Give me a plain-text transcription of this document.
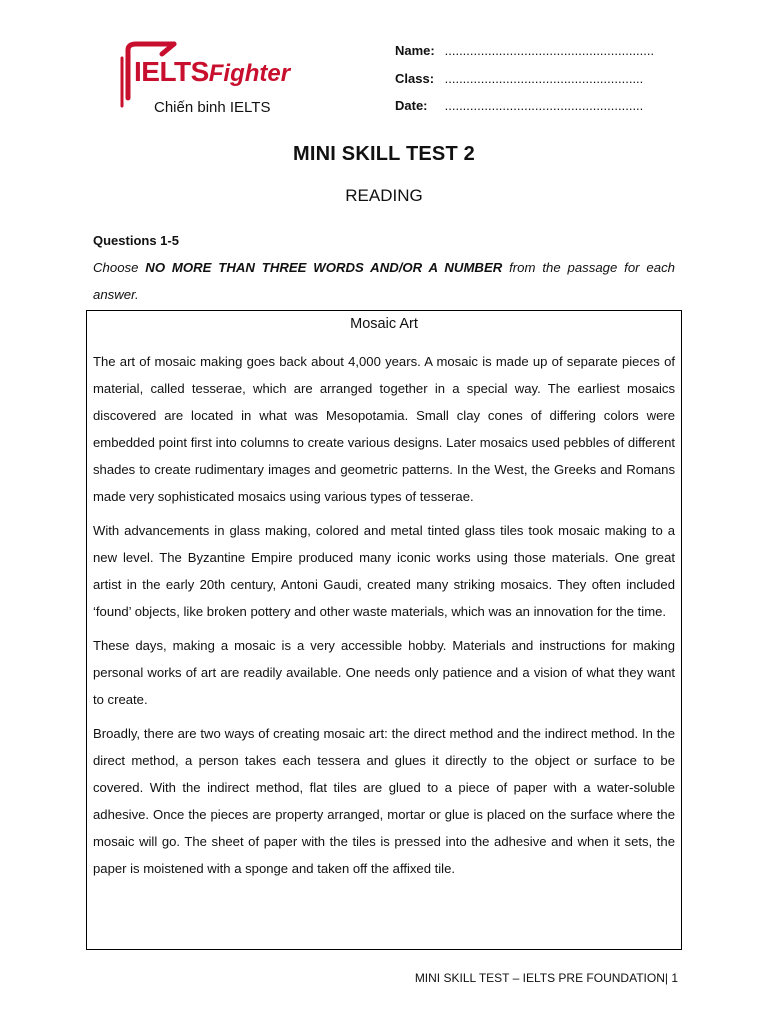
IELTSFighter
Chiến binh IELTS
Name: ..........................................................
Class: .......................................................
Date: .......................................................
MINI SKILL TEST 2
READING
Questions 1-5
Choose NO MORE THAN THREE WORDS AND/OR A NUMBER from the passage for each answer.
Mosaic Art

The art of mosaic making goes back about 4,000 years. A mosaic is made up of separate pieces of material, called tesserae, which are arranged together in a special way. The earliest mosaics discovered are located in what was Mesopotamia. Small clay cones of differing colors were embedded point first into columns to create various designs. Later mosaics used pebbles of different shades to create rudimentary images and geometric patterns. In the West, the Greeks and Romans made very sophisticated mosaics using various types of tesserae.

With advancements in glass making, colored and metal tinted glass tiles took mosaic making to a new level. The Byzantine Empire produced many iconic works using those materials. One great artist in the early 20th century, Antoni Gaudi, created many striking mosaics. They often included ‘found’ objects, like broken pottery and other waste materials, which was an innovation for the time.

These days, making a mosaic is a very accessible hobby. Materials and instructions for making personal works of art are readily available. One needs only patience and a vision of what they want to create.

Broadly, there are two ways of creating mosaic art: the direct method and the indirect method. In the direct method, a person takes each tessera and glues it directly to the object or surface to be covered. With the indirect method, flat tiles are glued to a piece of paper with a water-soluble adhesive. Once the pieces are property arranged, mortar or glue is placed on the surface where the mosaic will go. The sheet of paper with the tiles is pressed into the adhesive and when it sets, the paper is moistened with a sponge and taken off the affixed tile.

MINI SKILL TEST – IELTS PRE FOUNDATION| 1
